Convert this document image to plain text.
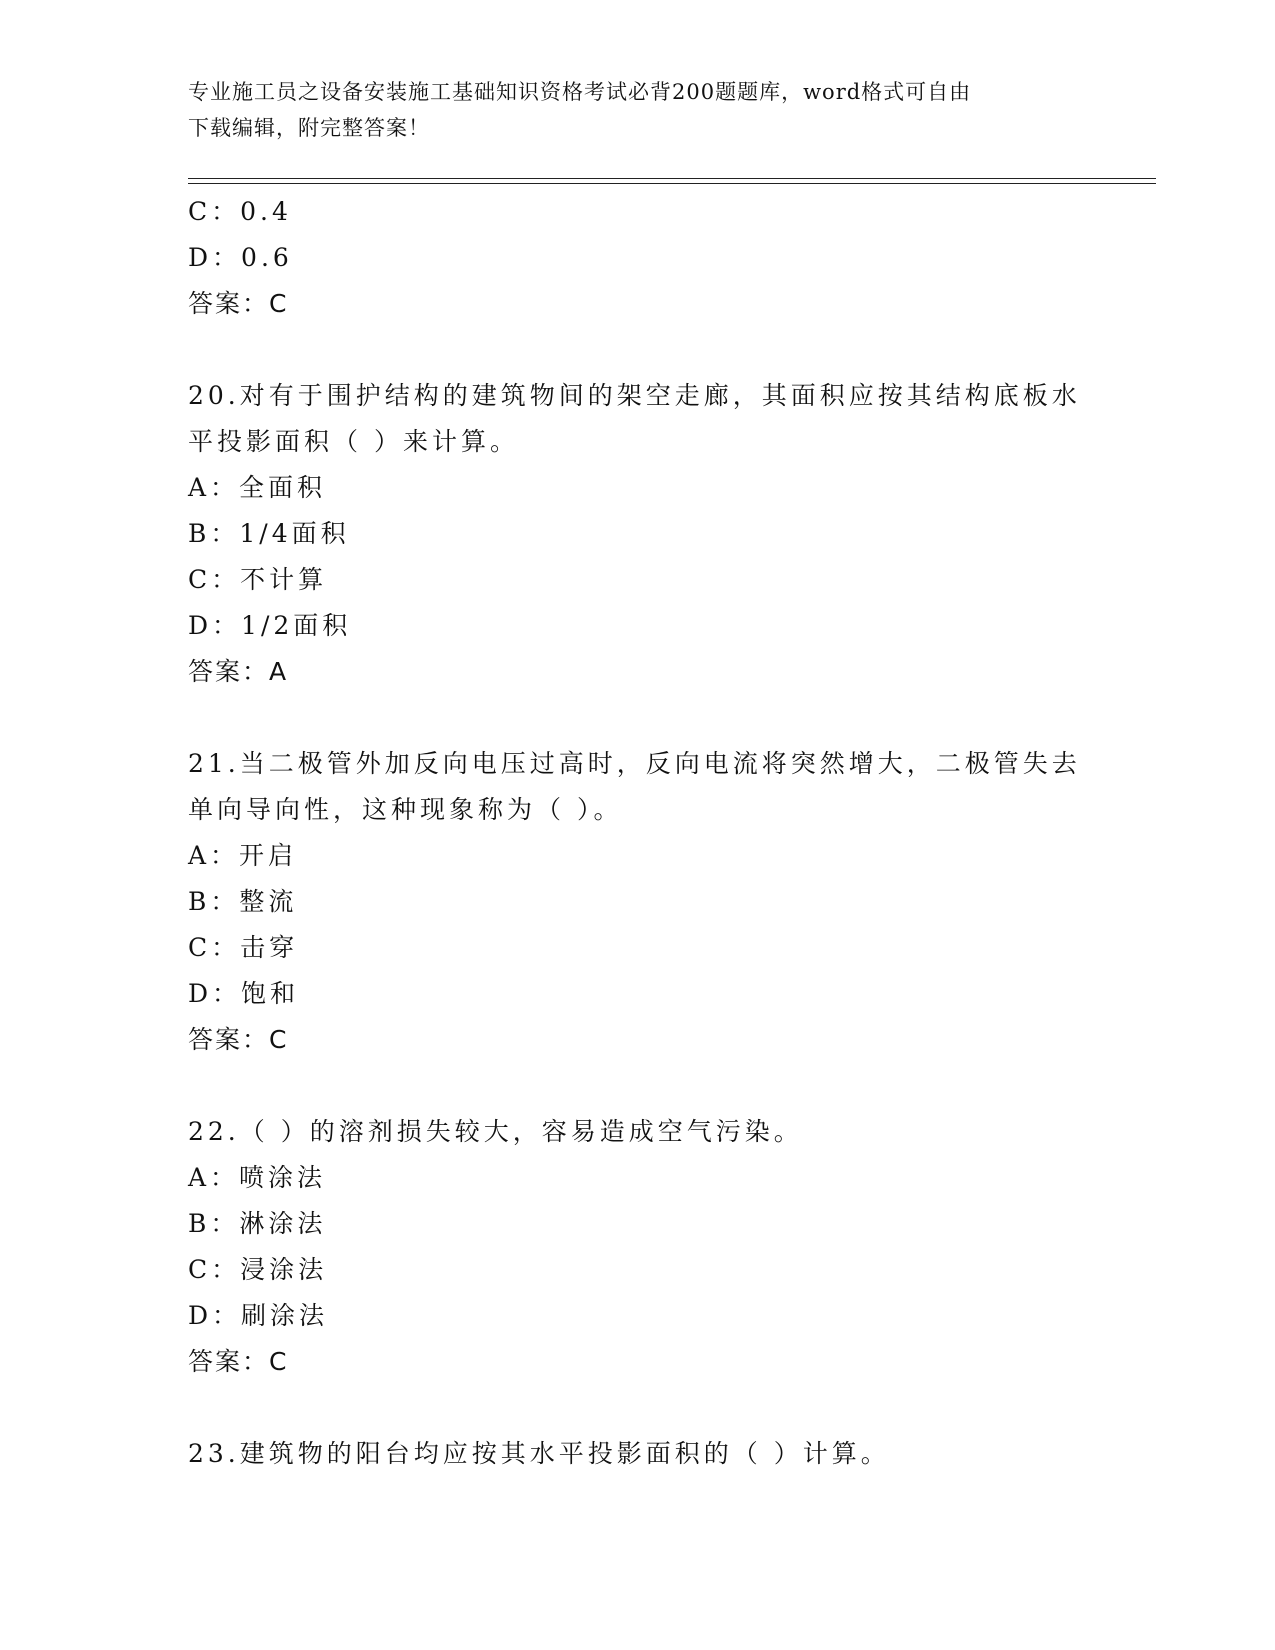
专业施工员之设备安装施工基础知识资格考试必背200题题库，word格式可自由
下载编辑，附完整答案！
C：0.4
D：0.6
答案：C
20.对有于围护结构的建筑物间的架空走廊，其面积应按其结构底板水
平投影面积（ ）来计算。
A：全面积
B：1/4面积
C：不计算
D：1/2面积
答案：A
21.当二极管外加反向电压过高时，反向电流将突然增大，二极管失去
单向导向性，这种现象称为（ ）。
A：开启
B：整流
C：击穿
D：饱和
答案：C
22.（ ）的溶剂损失较大，容易造成空气污染。
A：喷涂法
B：淋涂法
C：浸涂法
D：刷涂法
答案：C
23.建筑物的阳台均应按其水平投影面积的（ ）计算。
